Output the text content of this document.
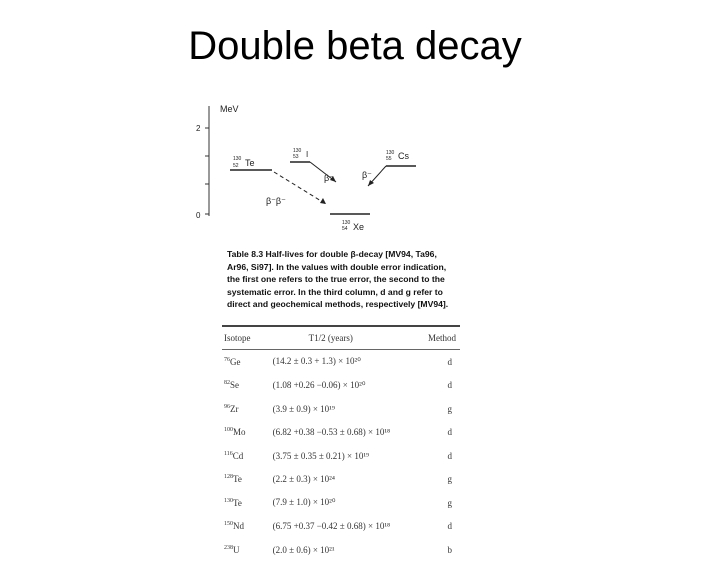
Double beta decay
MeV
2
0
130
52 Te
130
53 I
β⁻
130
55 Cs
β⁻
β⁻β⁻
130
54 Xe
Table 8.3 Half-lives for double β-decay [MV94, Ta96, Ar96, Si97]. In the values with double error indication, the first one refers to the true error, the second to the systematic error. In the third column, d and g refer to direct and geochemical methods, respectively [MV94].
Isotope	T1/2 (years)	Method
$^{76}$Ge	(14.2 ± 0.3 + 1.3) × 10²⁰	d
$^{82}$Se	(1.08 +0.26 −0.06) × 10²⁰	d
$^{96}$Zr	(3.9 ± 0.9) × 10¹⁹	g
$^{100}$Mo	(6.82 +0.38 −0.53 ± 0.68) × 10¹⁸	d
$^{116}$Cd	(3.75 ± 0.35 ± 0.21) × 10¹⁹	d
$^{128}$Te	(2.2 ± 0.3) × 10²⁴	g
$^{130}$Te	(7.9 ± 1.0) × 10²⁰	g
$^{150}$Nd	(6.75 +0.37 −0.42 ± 0.68) × 10¹⁸	d
$^{238}$U	(2.0 ± 0.6) × 10²¹	b
